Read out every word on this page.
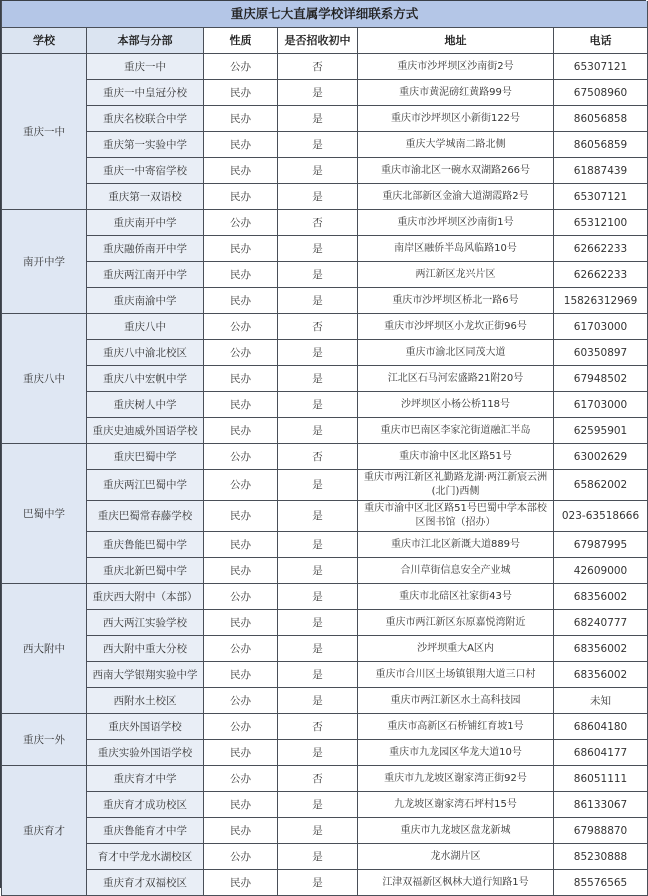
重庆原七大直属学校详细联系方式					
学校	本部与分部	性质	是否招收初中	地址	电话
重庆一中	重庆一中	公办	否	重庆市沙坪坝区沙南街2号	65307121
	重庆一中皇冠分校	民办	是	重庆市黄泥磅红黄路99号	67508960
	重庆名校联合中学	民办	是	重庆市沙坪坝区小新街122号	86056858
	重庆第一实验中学	民办	是	重庆大学城南二路北侧	86056859
	重庆一中寄宿学校	民办	是	重庆市渝北区一碗水双湖路266号	61887439
	重庆第一双语校	民办	是	重庆北部新区金渝大道湖霞路2号	65307121
南开中学	重庆南开中学	公办	否	重庆市沙坪坝区沙南街1号	65312100
	重庆融侨南开中学	民办	是	南岸区融侨半岛风临路10号	62662233
	重庆两江南开中学	民办	是	两江新区龙兴片区	62662233
	重庆南渝中学	民办	是	重庆市沙坪坝区桥北一路6号	15826312969
重庆八中	重庆八中	公办	否	重庆市沙坪坝区小龙坎正街96号	61703000
	重庆八中渝北校区	公办	是	重庆市渝北区同茂大道	60350897
	重庆八中宏帆中学	民办	是	江北区石马河宏盛路21附20号	67948502
	重庆树人中学	民办	是	沙坪坝区小杨公桥118号	61703000
	重庆史迪威外国语学校	民办	是	重庆市巴南区李家沱街道融汇半岛	62595901
巴蜀中学	重庆巴蜀中学	公办	否	重庆市渝中区北区路51号	63002629
	重庆两江巴蜀中学	公办	是	重庆市两江新区礼勤路龙湖·两江新宸云洲(北门)西侧	65862002
	重庆巴蜀常春藤学校	民办	是	重庆市渝中区北区路51号巴蜀中学本部校区图书馆（招办）	023-63518666
	重庆鲁能巴蜀中学	民办	是	重庆市江北区新溉大道889号	67987995
	重庆北新巴蜀中学	民办	是	合川草街信息安全产业城	42609000
西大附中	重庆西大附中（本部）	公办	是	重庆市北碚区社家街43号	68356002
	西大两江实验学校	民办	是	重庆市两江新区东原嘉悦湾附近	68240777
	西大附中重大分校	公办	是	沙坪坝重大A区内	68356002
	西南大学银翔实验中学	民办	是	重庆市合川区土场镇银翔大道三口村	68356002
	西附水土校区	公办	是	重庆市两江新区水土高科技园	未知
重庆一外	重庆外国语学校	公办	否	重庆市高新区石桥铺红育坡1号	68604180
	重庆实验外国语学校	民办	是	重庆市九龙园区华龙大道10号	68604177
重庆育才	重庆育才中学	公办	否	重庆市九龙坡区谢家湾正街92号	86051111
	重庆育才成功校区	民办	是	九龙坡区谢家湾石坪村15号	86133067
	重庆鲁能育才中学	民办	是	重庆市九龙坡区盘龙新城	67988870
	育才中学龙水湖校区	公办	是	龙水湖片区	85230888
	重庆育才双福校区	民办	是	江津双福新区枫林大道行知路1号	85576565
